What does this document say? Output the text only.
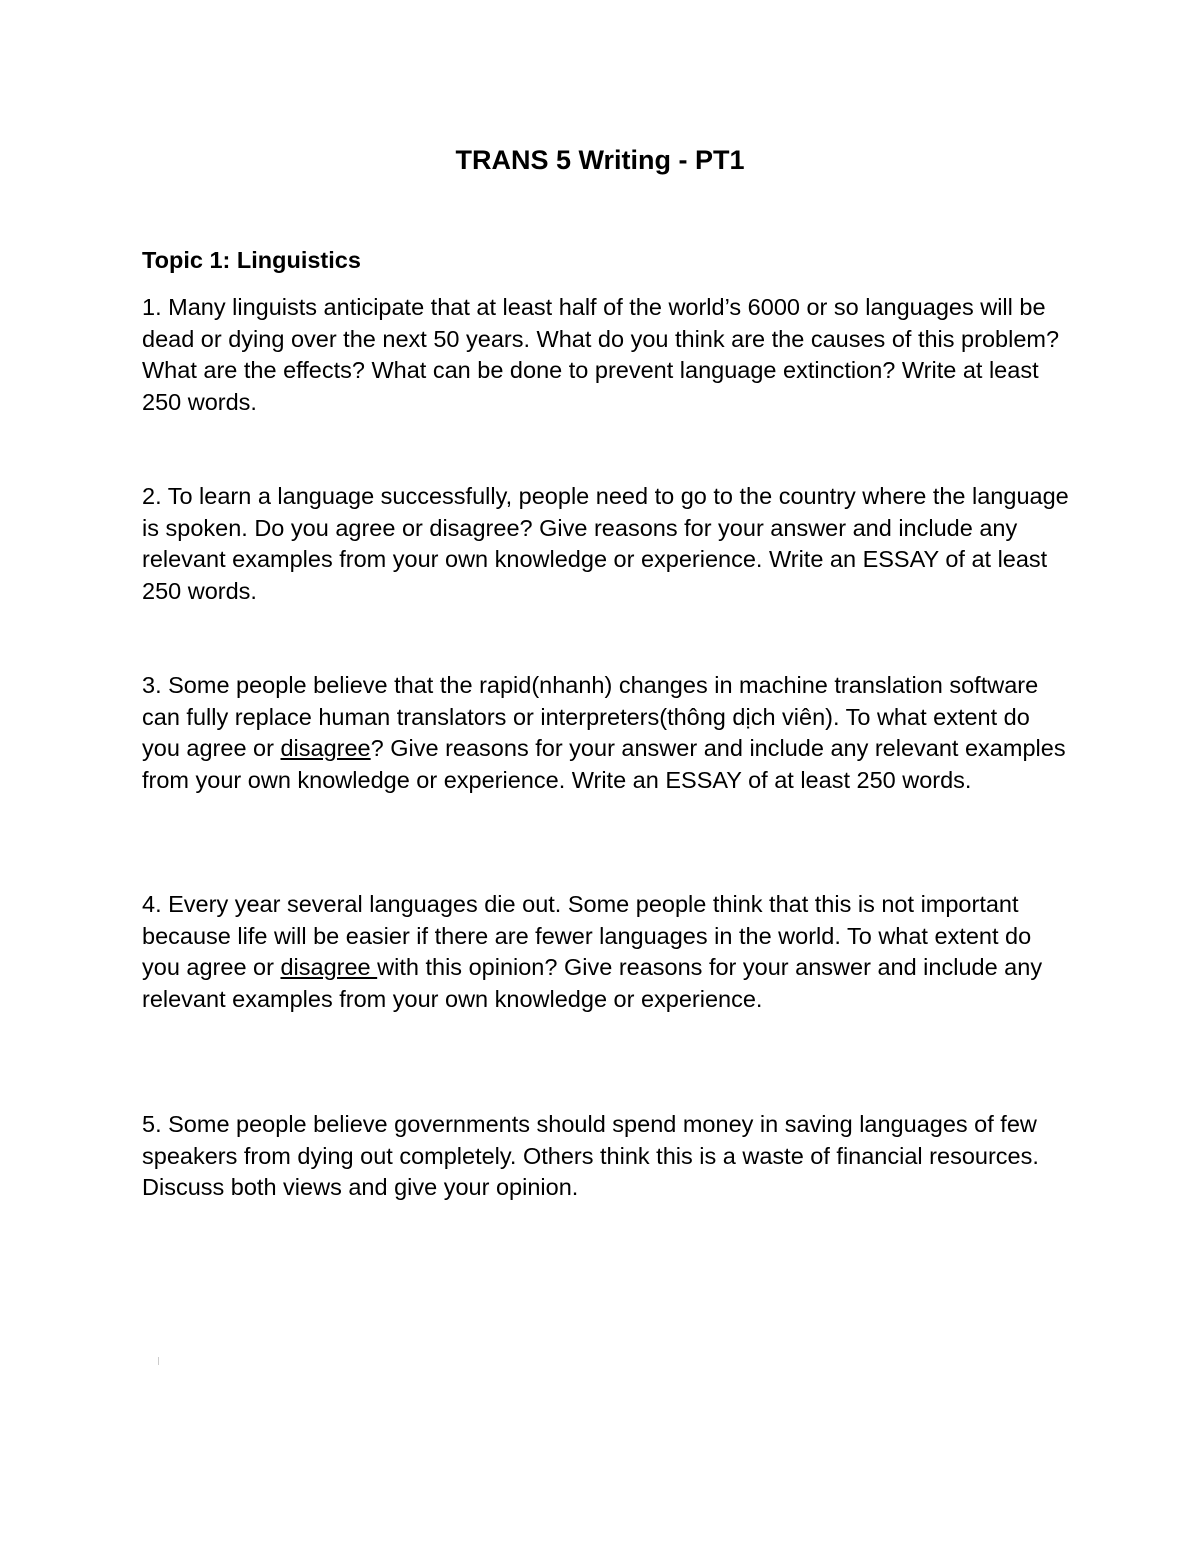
TRANS 5 Writing - PT1
Topic 1: Linguistics
1. Many linguists anticipate that at least half of the world’s 6000 or so languages will be dead or dying over the next 50 years. What do you think are the causes of this problem? What are the effects? What can be done to prevent language extinction? Write at least 250 words.
2. To learn a language successfully, people need to go to the country where the language is spoken. Do you agree or disagree? Give reasons for your answer and include any relevant examples from your own knowledge or experience. Write an ESSAY of at least 250 words.
3. Some people believe that the rapid(nhanh) changes in machine translation software can fully replace human translators or interpreters(thông dịch viên). To what extent do you agree or disagree? Give reasons for your answer and include any relevant examples from your own knowledge or experience. Write an ESSAY of at least 250 words.
4. Every year several languages die out. Some people think that this is not important because life will be easier if there are fewer languages in the world. To what extent do you agree or disagree with this opinion? Give reasons for your answer and include any relevant examples from your own knowledge or experience.
5. Some people believe governments should spend money in saving languages of few speakers from dying out completely. Others think this is a waste of financial resources. Discuss both views and give your opinion.
